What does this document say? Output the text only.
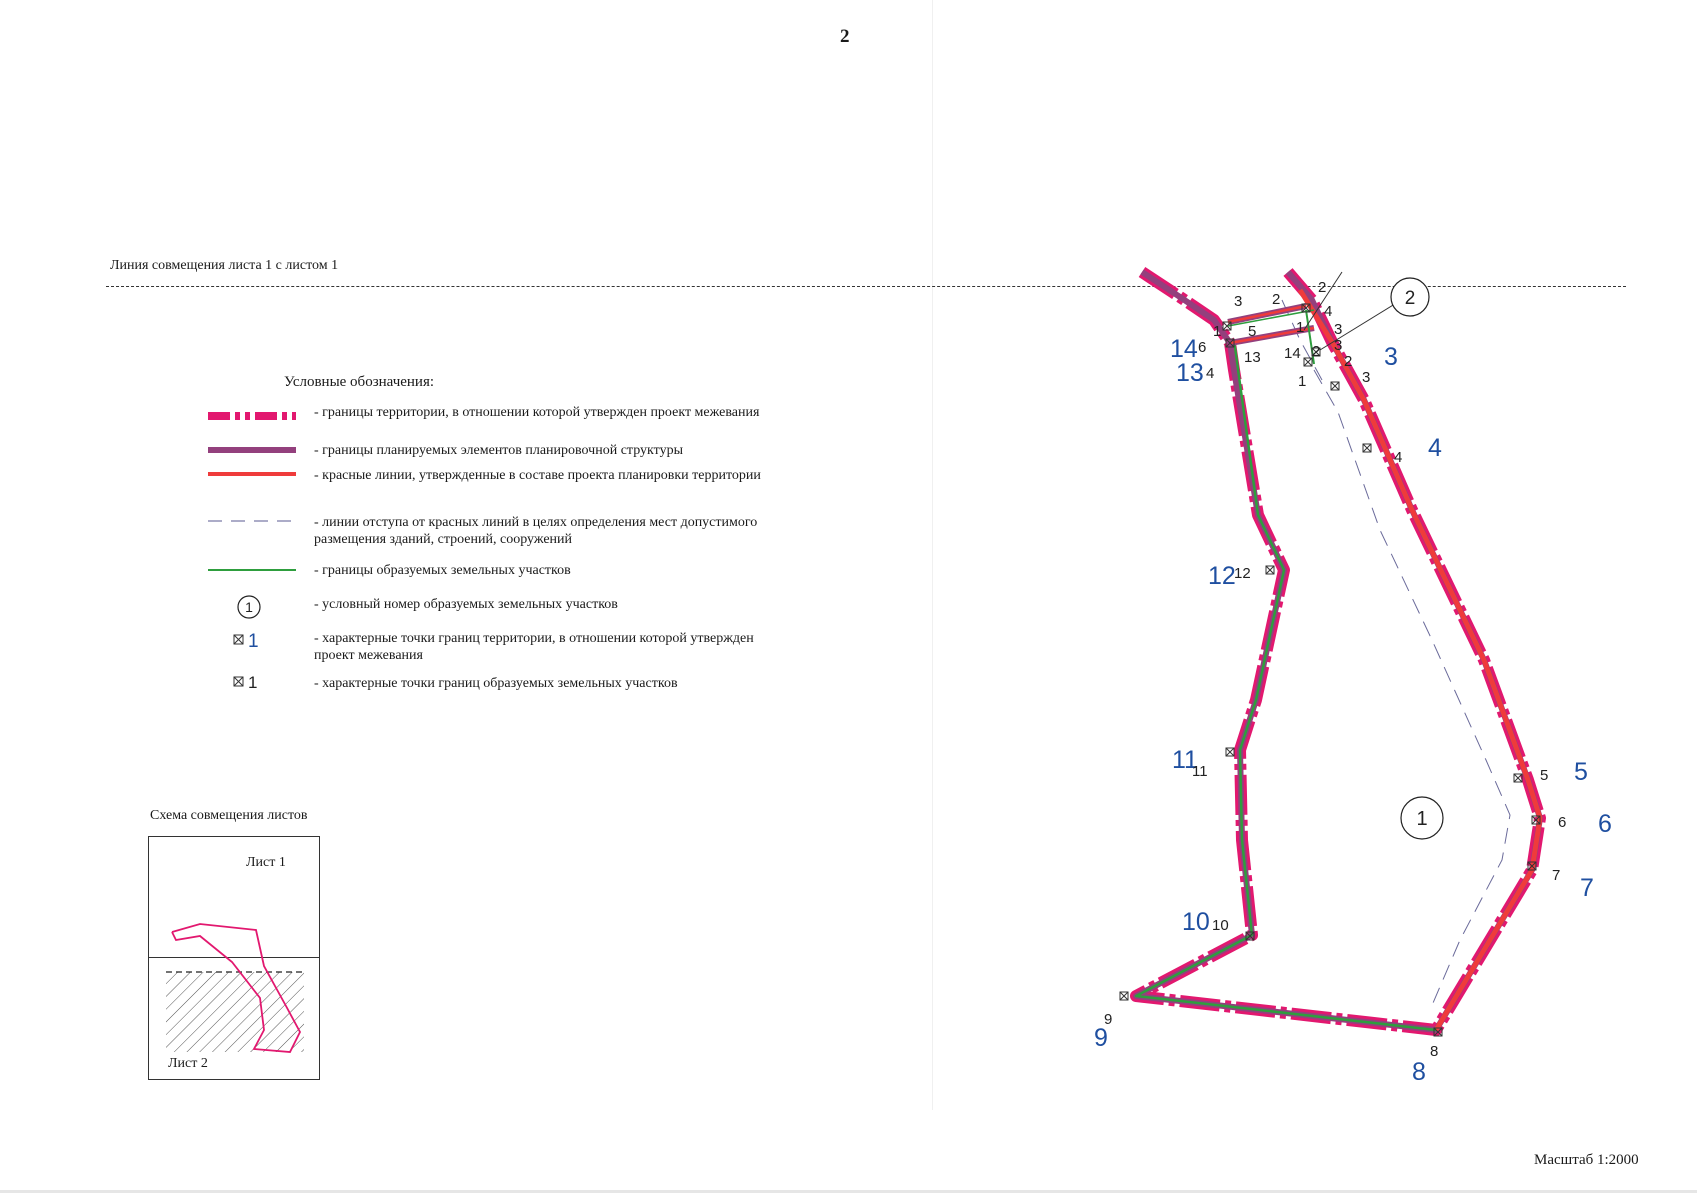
2
Линия совмещения листа 1 с листом 1
Условные обозначения:
- границы территории, в отношении которой утвержден проект межевания
- границы планируемых элементов планировочной структуры
- красные линии, утвержденные в составе проекта планировки территории
- линии отступа от красных линий в целях определения мест допустимого размещения зданий, строений, сооружений
- границы образуемых земельных участков
1	- условный номер образуемых земельных участков
1	- характерные точки границ территории, в отношении которой утвержден проект межевания
1	- характерные точки границ образуемых земельных участков
Схема совмещения листов
Лист 1
Лист 2
2
1
14
13
3
4
12
11	5
6
7
10
9
8
3 2
2
1
6
5
4
1
4
13 14 2
3
3
2
3
1
4
12
11	5
6
7
10
9
8
Масштаб 1:2000
